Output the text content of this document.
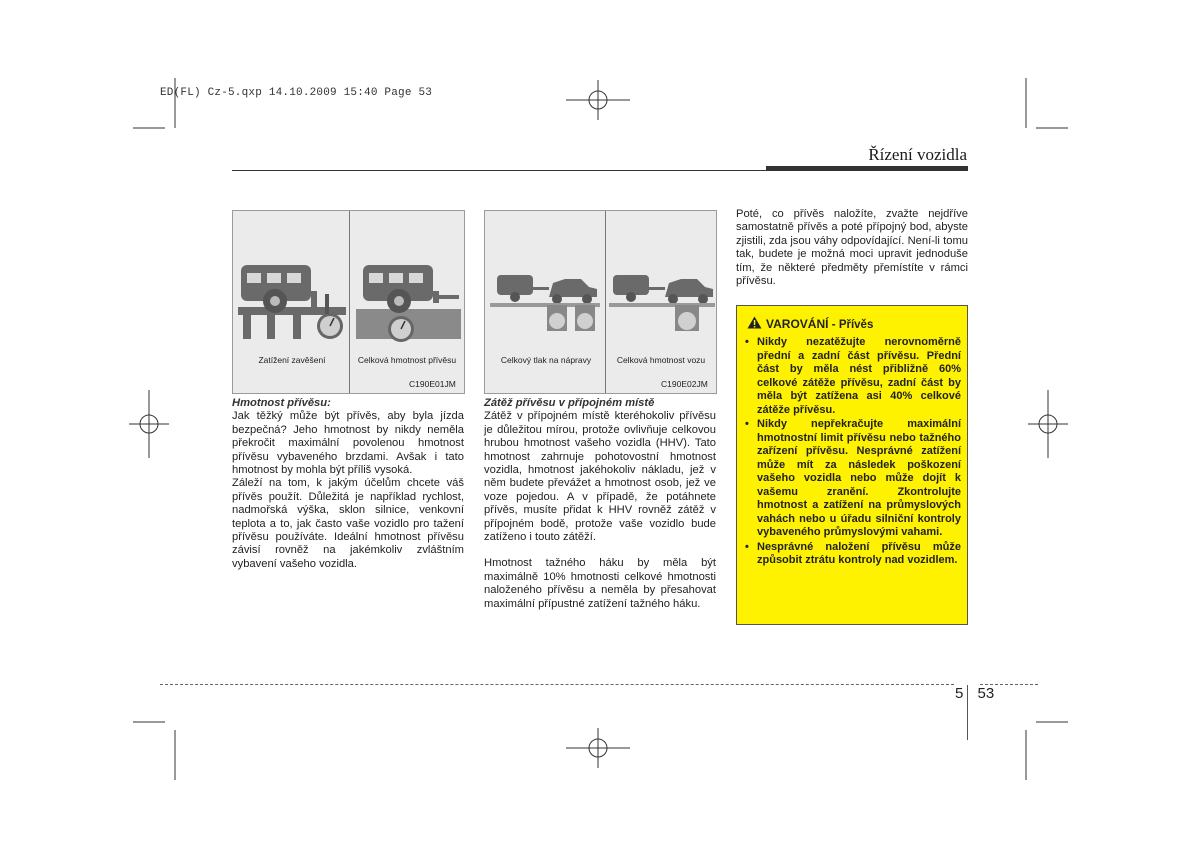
ED(FL) Cz-5.qxp 14.10.2009 15:40 Page 53
Řízení vozidla
Zatížení zavěšení	Celková hmotnost přívěsu
C190E01JM
Celkový tlak na nápravy	Celková hmotnost vozu
C190E02JM
Hmotnost přívěsu:

Jak těžký může být přívěs, aby byla jízda bezpečná? Jeho hmotnost by nikdy neměla překročit maximální povolenou hmotnost přívěsu vybaveného brzdami. Avšak i tato hmotnost by mohla být příliš vysoká.

Záleží na tom, k jakým účelům chcete váš přívěs použít. Důležitá je například rychlost, nadmořská výška, sklon silnice, venkovní teplota a to, jak často vaše vozidlo pro tažení přívěsu používáte. Ideální hmotnost přívěsu závisí rovněž na jakémkoliv zvláštním vybavení vašeho vozidla.

Zátěž přívěsu v přípojném místě

Zátěž v přípojném místě kteréhokoliv přívěsu je důležitou mírou, protože ovlivňuje celkovou hrubou hmotnost vašeho vozidla (HHV). Tato hmotnost zahrnuje pohotovostní hmotnost vozidla, hmotnost jakéhokoliv nákladu, jež v něm budete převážet a hmotnost osob, jež ve voze pojedou. A v případě, že potáhnete přívěs, musíte přidat k HHV rovněž zátěž v přípojném bodě, protože vaše vozidlo bude zatíženo i touto zátěží.

Hmotnost tažného háku by měla být maximálně 10% hmotnosti celkové hmotnosti naloženého přívěsu a neměla by přesahovat maximální přípustné zatížení tažného háku.

Poté, co přívěs naložíte, zvažte nejdříve samostatně přívěs a poté přípojný bod, abyste zjistili, zda jsou váhy odpovídající. Není-li tomu tak, budete je možná moci upravit jednoduše tím, že některé předměty přemístíte v rámci přívěsu.

VAROVÁNÍ - Přívěs
• Nikdy nezatěžujte nerovnoměrně přední a zadní část přívěsu. Přední část by měla nést přibližně 60% celkové zátěže přívěsu, zadní část by měla být zatížena asi 40% celkové zátěže přívěsu.
• Nikdy nepřekračujte maximální hmotnostní limit přívěsu nebo tažného zařízení přívěsu. Nesprávné zatížení může mít za následek poškození vašeho vozidla nebo může dojít k vašemu zranění. Zkontrolujte hmotnost a zatížení na průmyslových vahách nebo u úřadu silniční kontroly vybaveného průmyslovými vahami.
• Nesprávné naložení přívěsu může způsobit ztrátu kontroly nad vozidlem.
5 53
